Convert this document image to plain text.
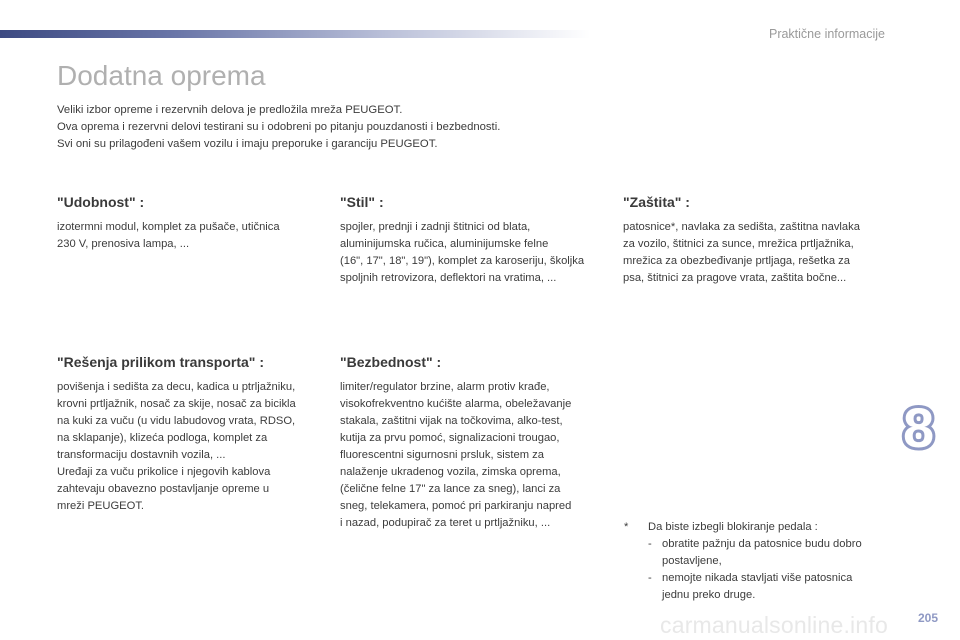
Praktične informacije
Dodatna oprema
Veliki izbor opreme i rezervnih delova je predložila mreža PEUGEOT.
Ova oprema i rezervni delovi testirani su i odobreni po pitanju pouzdanosti i bezbednosti.
Svi oni su prilagođeni vašem vozilu i imaju preporuke i garanciju PEUGEOT.
"Udobnost" :
izotermni modul, komplet za pušače, utičnica
230 V, prenosiva lampa, ...
"Stil" :
spojler, prednji i zadnji štitnici od blata,
aluminijumska ručica, aluminijumske felne
(16", 17", 18", 19"), komplet za karoseriju, školjka
spoljnih retrovizora, deflektori na vratima, ...
"Zaštita" :
patosnice*, navlaka za sedišta, zaštitna navlaka
za vozilo, štitnici za sunce, mrežica prtljažnika,
mrežica za obezbeđivanje prtljaga, rešetka za
psa, štitnici za pragove vrata, zaštita bočne...
"Rešenja prilikom transporta" :
povišenja i sedišta za decu, kadica u ptrljažniku,
krovni prtljažnik, nosač za skije, nosač za bicikla
na kuki za vuču (u vidu labudovog vrata, RDSO,
na sklapanje), klizeća podloga, komplet za
transformaciju dostavnih vozila, ...
Uređaji za vuču prikolice i njegovih kablova
zahtevaju obavezno postavljanje opreme u
mreži PEUGEOT.
"Bezbednost" :
limiter/regulator brzine, alarm protiv krađe,
visokofrekventno kućište alarma, obeležavanje
stakala, zaštitni vijak na točkovima, alko-test,
kutija za prvu pomoć, signalizacioni trougao,
fluorescentni sigurnosni prsluk, sistem za
nalaženje ukradenog vozila, zimska oprema,
(čelične felne 17" za lance za sneg), lanci za
sneg, telekamera, pomoć pri parkiranju napred
i nazad, podupirač za teret u prtljažniku, ...
8
*	Da biste izbegli blokiranje pedala :
- obratite pažnju da patosnice budu dobro
postavljene,
- nemojte nikada stavljati više patosnica
jednu preko druge.
carmanualsonline.info	205
